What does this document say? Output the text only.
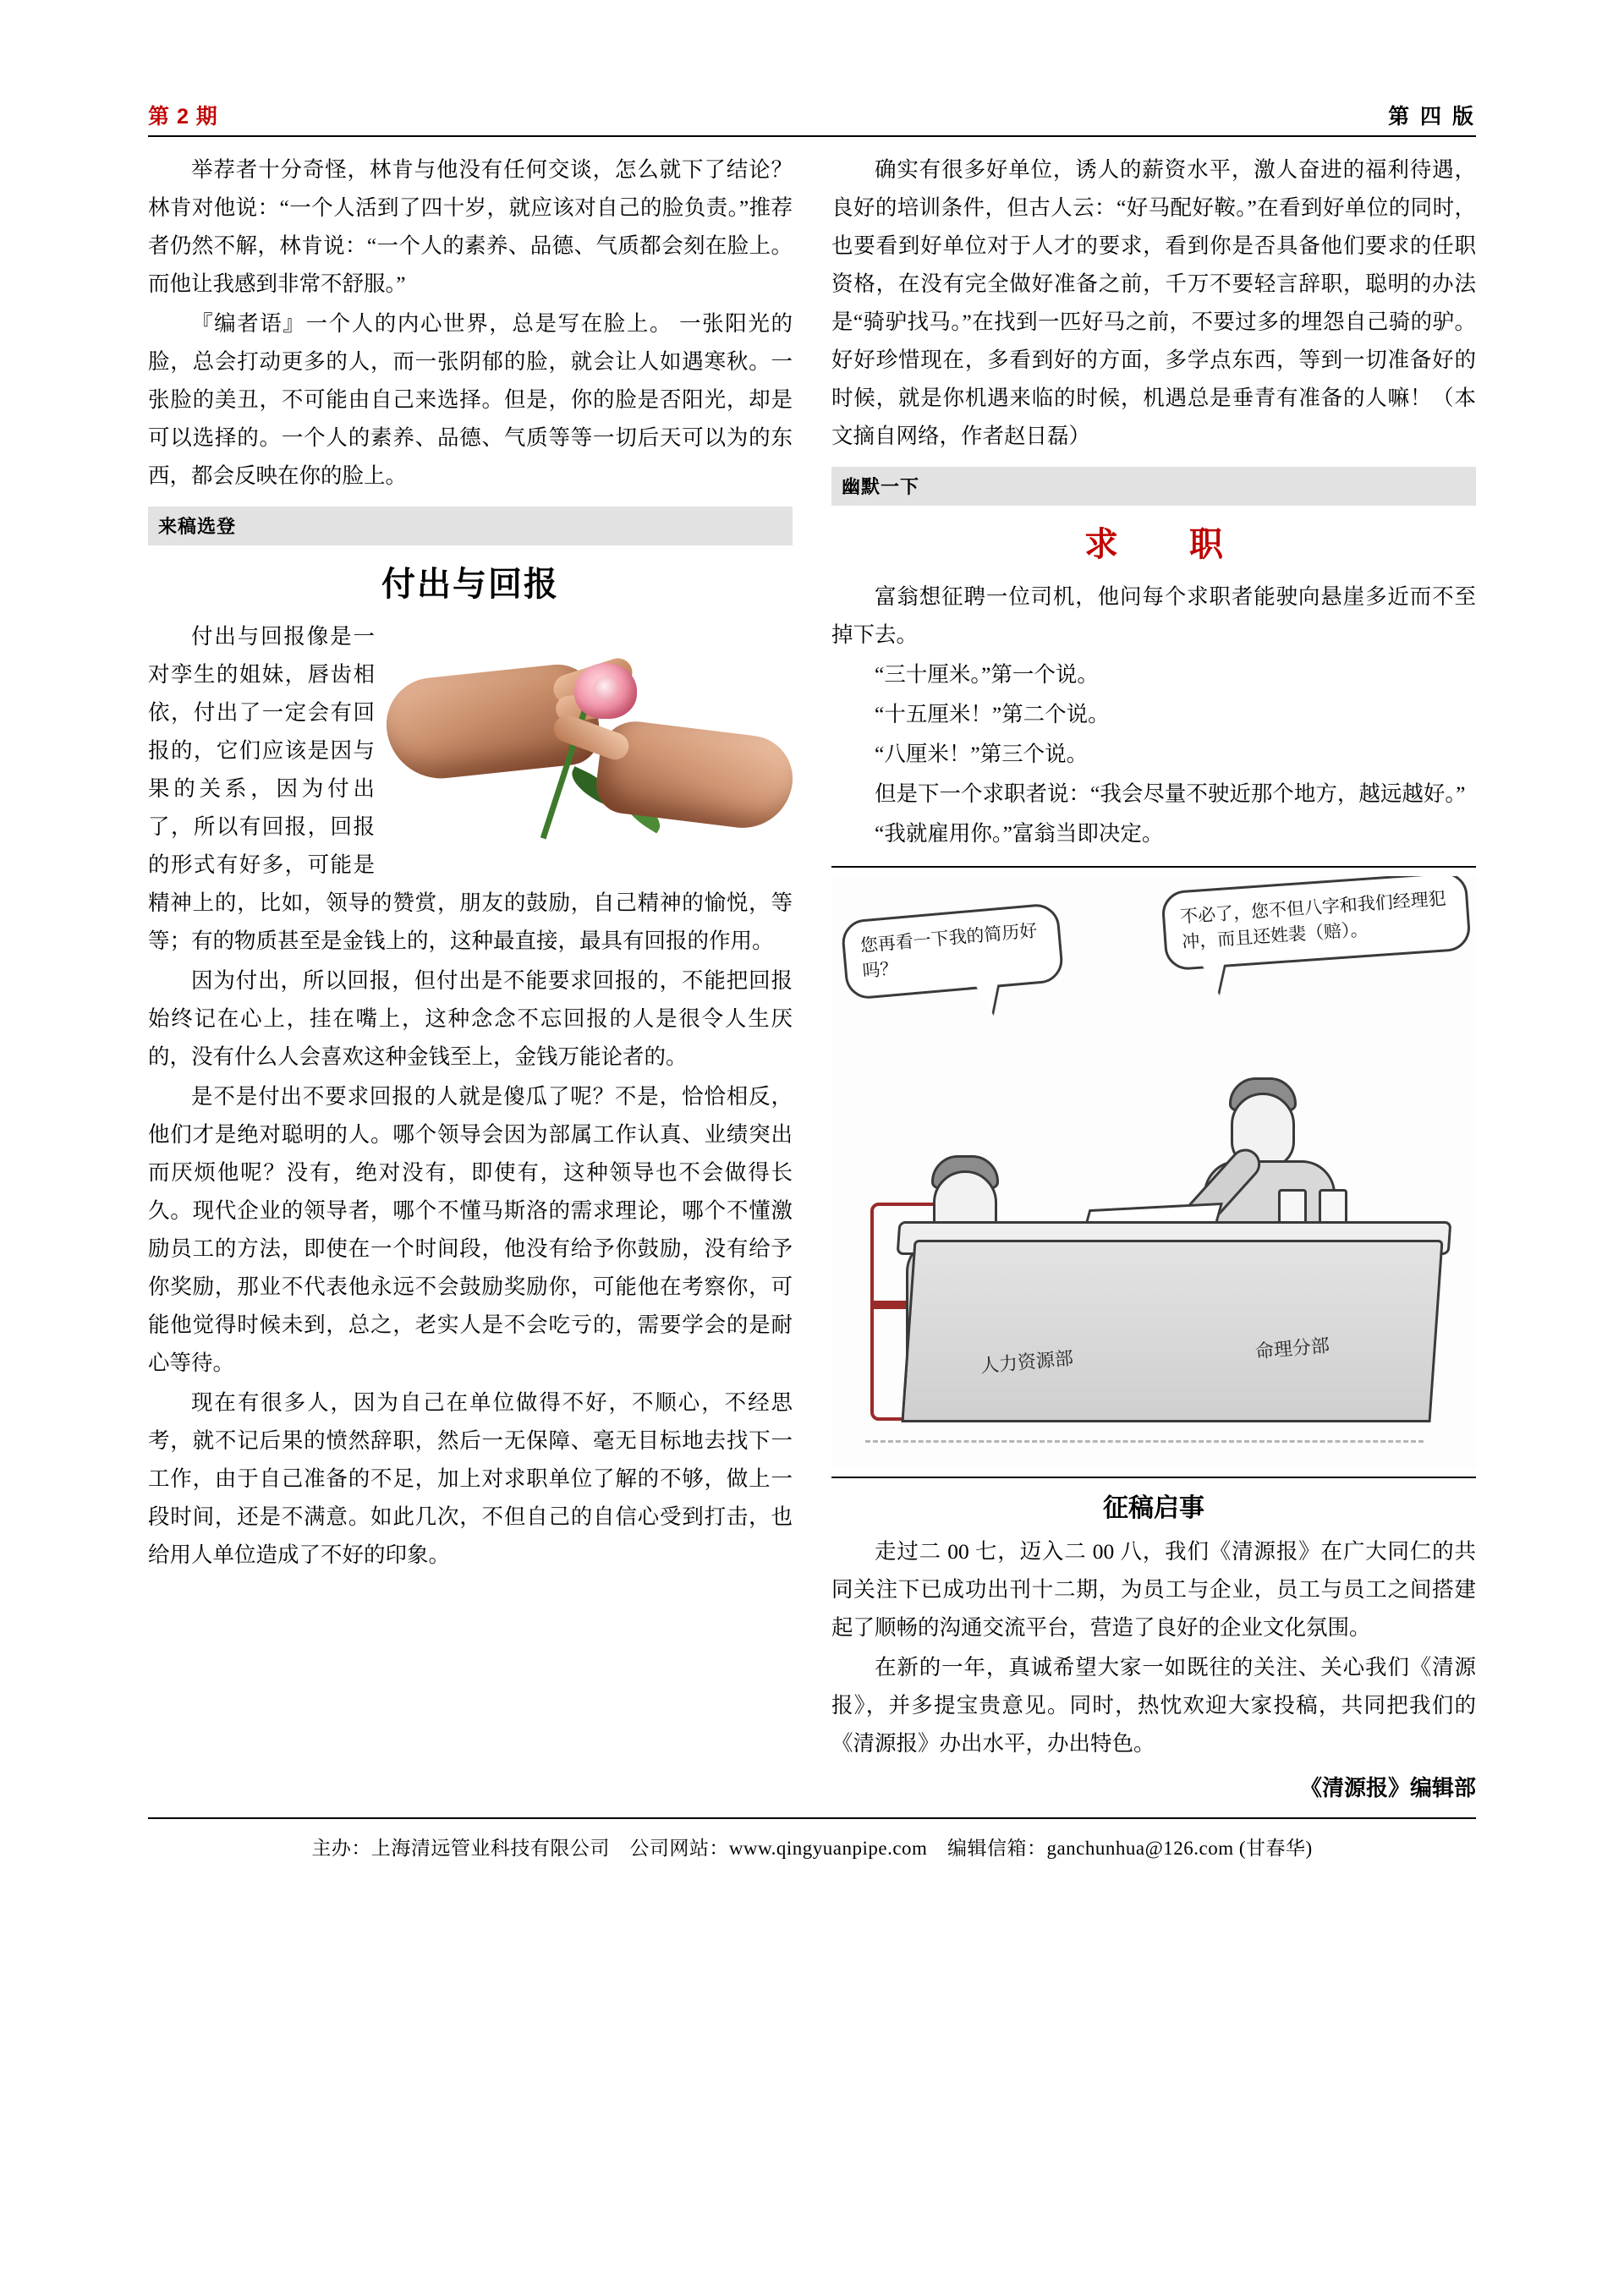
第 2 期	第 四 版

举荐者十分奇怪，林肯与他没有任何交谈，怎么就下了结论？林肯对他说：“一个人活到了四十岁，就应该对自己的脸负责。”推荐者仍然不解，林肯说：“一个人的素养、品德、气质都会刻在脸上。而他让我感到非常不舒服。”

『编者语』一个人的内心世界，总是写在脸上。 一张阳光的脸，总会打动更多的人，而一张阴郁的脸，就会让人如遇寒秋。一张脸的美丑，不可能由自己来选择。但是，你的脸是否阳光，却是可以选择的。一个人的素养、品德、气质等等一切后天可以为的东西，都会反映在你的脸上。

来稿选登
付出与回报

付出与回报像是一对孪生的姐妹，唇齿相依，付出了一定会有回报的，它们应该是因与果的关系，因为付出了，所以有回报，回报的形式有好多，可能是精神上的，比如，领导的赞赏，朋友的鼓励，自己精神的愉悦，等等；有的物质甚至是金钱上的，这种最直接，最具有回报的作用。

因为付出，所以回报，但付出是不能要求回报的，不能把回报始终记在心上，挂在嘴上，这种念念不忘回报的人是很令人生厌的，没有什么人会喜欢这种金钱至上，金钱万能论者的。

是不是付出不要求回报的人就是傻瓜了呢？不是，恰恰相反，他们才是绝对聪明的人。哪个领导会因为部属工作认真、业绩突出而厌烦他呢？没有，绝对没有，即使有，这种领导也不会做得长久。现代企业的领导者，哪个不懂马斯洛的需求理论，哪个不懂激励员工的方法，即使在一个时间段，他没有给予你鼓励，没有给予你奖励，那业不代表他永远不会鼓励奖励你，可能他在考察你，可能他觉得时候未到，总之，老实人是不会吃亏的，需要学会的是耐心等待。

现在有很多人，因为自己在单位做得不好，不顺心，不经思考，就不记后果的愤然辞职，然后一无保障、毫无目标地去找下一工作，由于自己准备的不足，加上对求职单位了解的不够，做上一段时间，还是不满意。如此几次，不但自己的自信心受到打击，也给用人单位造成了不好的印象。

确实有很多好单位，诱人的薪资水平，激人奋进的福利待遇，良好的培训条件，但古人云：“好马配好鞍。”在看到好单位的同时，也要看到好单位对于人才的要求，看到你是否具备他们要求的任职资格，在没有完全做好准备之前，千万不要轻言辞职，聪明的办法是“骑驴找马。”在找到一匹好马之前，不要过多的埋怨自己骑的驴。好好珍惜现在，多看到好的方面，多学点东西，等到一切准备好的时候，就是你机遇来临的时候，机遇总是垂青有准备的人嘛！（本文摘自网络，作者赵日磊）

幽默一下
求　职

富翁想征聘一位司机，他问每个求职者能驶向悬崖多近而不至掉下去。

“三十厘米。”第一个说。

“十五厘米！”第二个说。

“八厘米！”第三个说。

但是下一个求职者说：“我会尽量不驶近那个地方，越远越好。”

“我就雇用你。”富翁当即决定。

您再看一下我的简历好吗？
不必了，您不但八字和我们经理犯冲，而且还姓裴（赔）。
人力资源部	命理分部
征稿启事

走过二 00 七，迈入二 00 八，我们《清源报》在广大同仁的共同关注下已成功出刊十二期，为员工与企业，员工与员工之间搭建起了顺畅的沟通交流平台，营造了良好的企业文化氛围。

在新的一年，真诚希望大家一如既往的关注、关心我们《清源报》，并多提宝贵意见。同时，热忱欢迎大家投稿，共同把我们的《清源报》办出水平，办出特色。

《清源报》编辑部
主办：上海清远管业科技有限公司　公司网站：www.qingyuanpipe.com　编辑信箱：ganchunhua@126.com (甘春华)
